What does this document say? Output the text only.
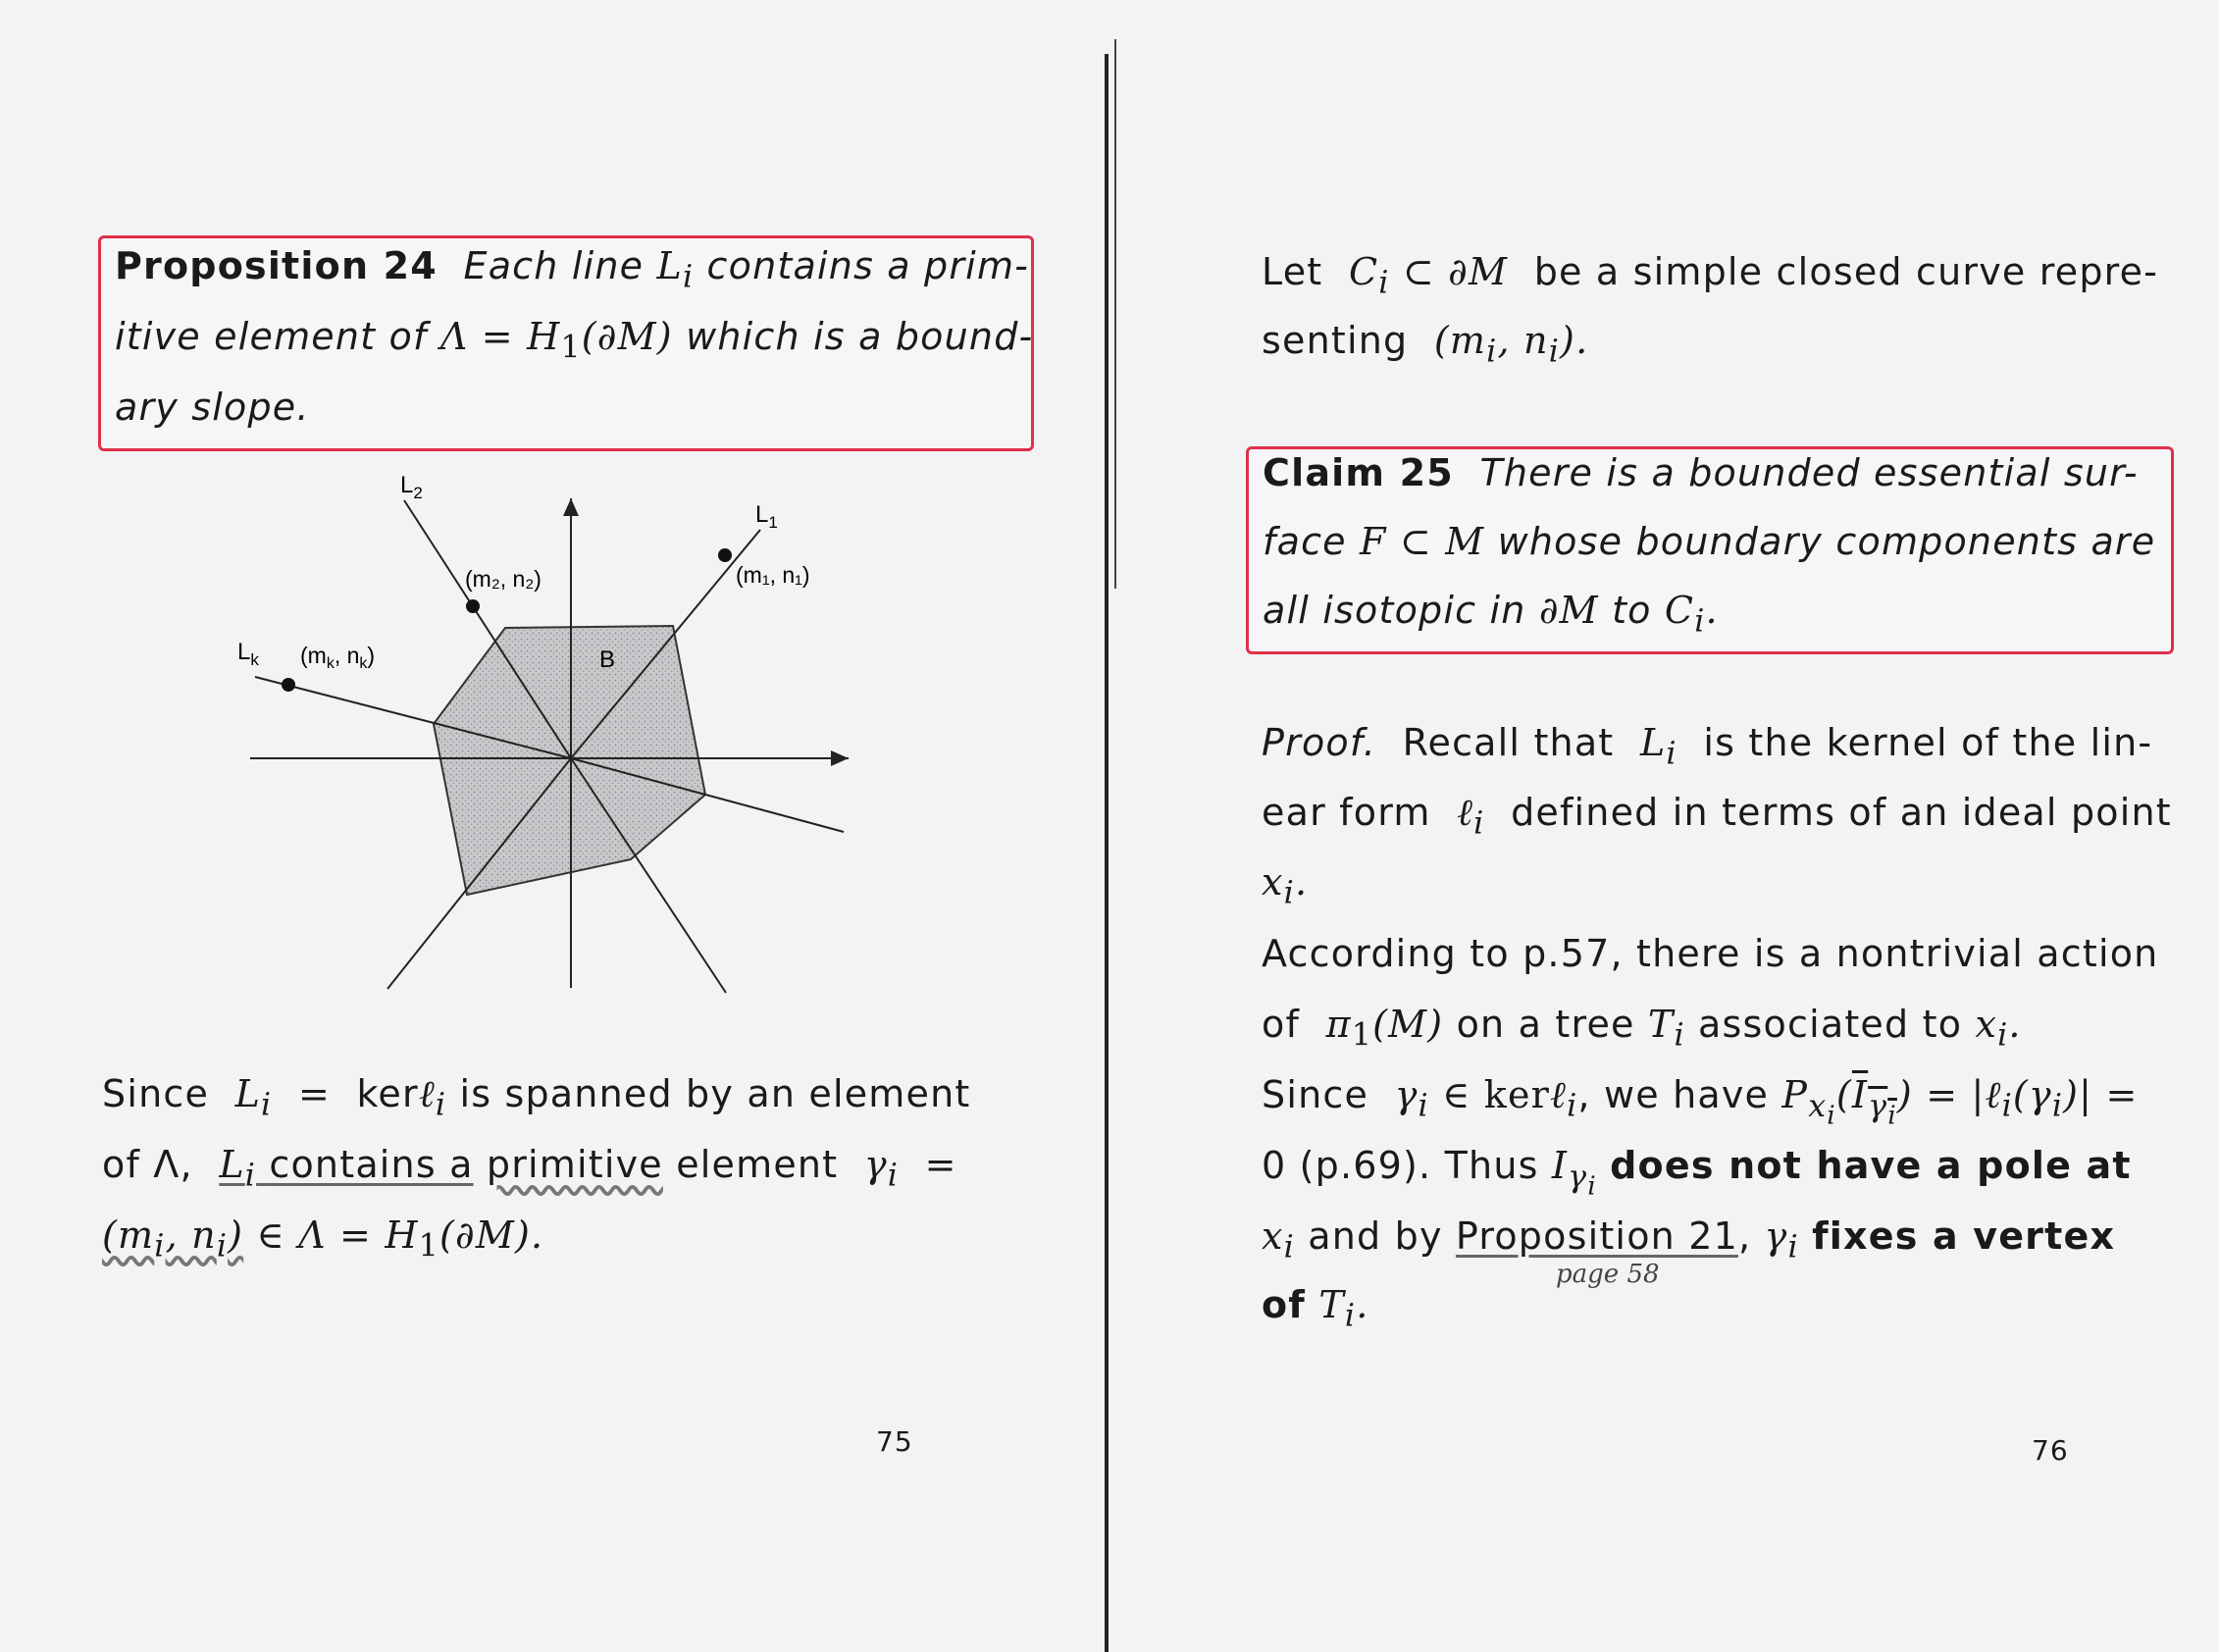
Proposition 24 Each line $L_i$ contains a prim-
itive element of $\Lambda = H_1(\partial M)$ which is a bound-
ary slope.
$L_2$
$L_1$
$L_k$
(m₂, n₂)	(m₁, n₁)
($m_k$, $n_k$)	B
Since $L_i$ = kerℓ$_i$ is spanned by an element
of Λ, $L_i$ contains a primitive element $\gamma_i$ =
($m_i$, $n_i$) ∈ $\Lambda = H_1(\partial M)$.
75
Let $C_i$ ⊂ ∂M be a simple closed curve repre-
senting ($m_i$, $n_i$).
Claim 25 There is a bounded essential sur-
face F ⊂ M whose boundary components are
all isotopic in ∂M to $C_i$.
Proof. Recall that $L_i$ is the kernel of the lin-
ear form ℓ$_i$ defined in terms of an ideal point
$x_i$.
According to p.57, there is a nontrivial action
of $\pi_1(M)$ on a tree $T_i$ associated to $x_i$.
Since $\gamma_i$ ∈ kerℓ$_i$, we have $P_{x_i}(I_{\gamma_i})$ = $|\ell_i(\gamma_i)|$ =
0 (p.69). Thus $I_{\gamma_i}$ does not have a pole at
$x_i$ and by Proposition 21, $\gamma_i$ fixes a vertex
of $T_i$.
page 58
76
